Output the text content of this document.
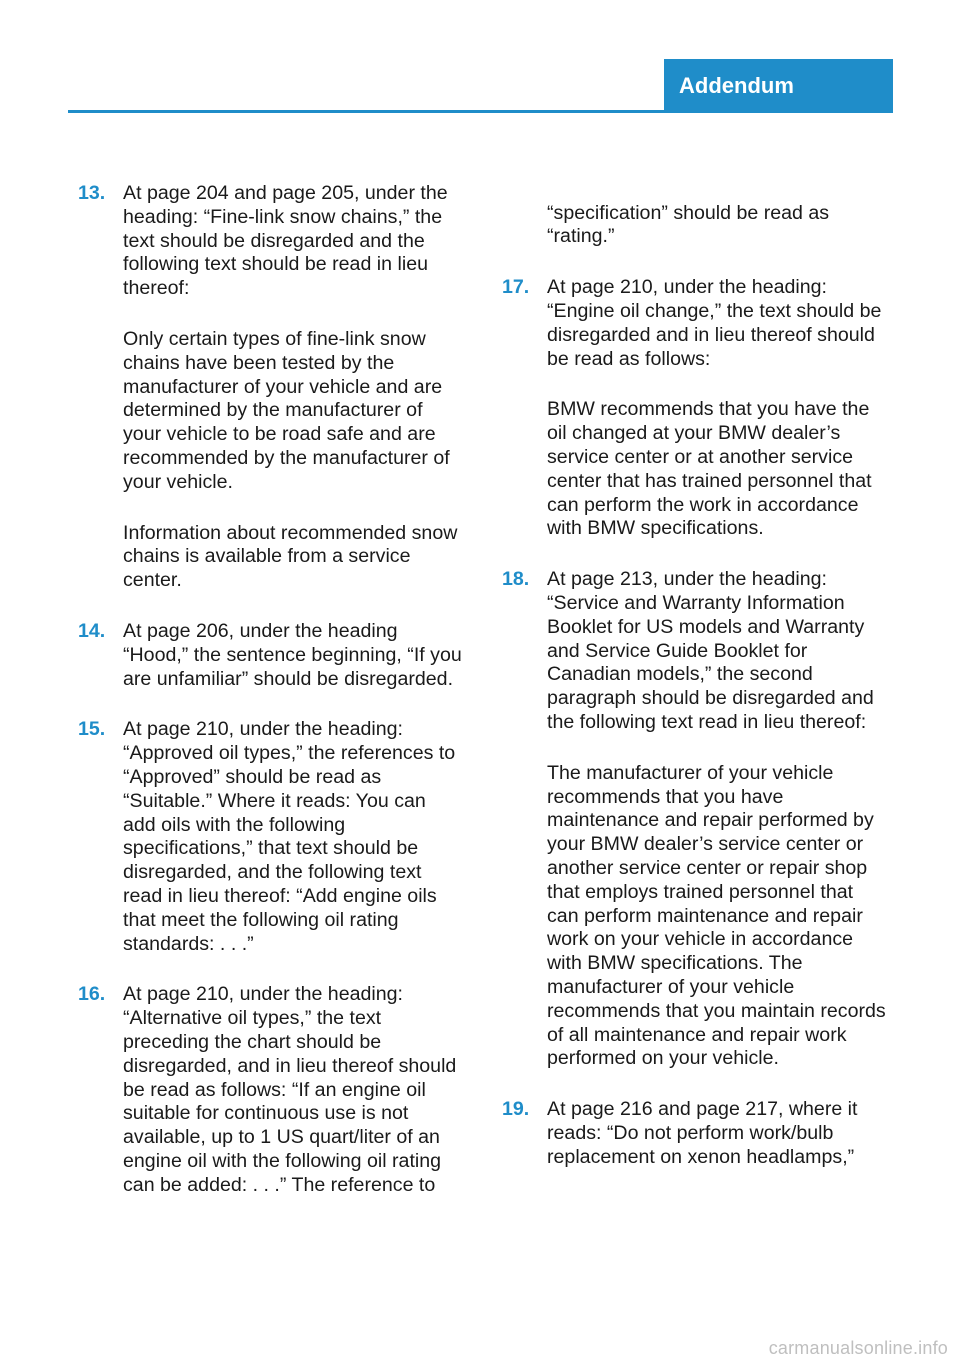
Addendum
13. At page 204 and page 205, under the heading: “Fine-link snow chains,” the text should be disregarded and the following text should be read in lieu thereof:

Only certain types of fine-link snow chains have been tested by the manufacturer of your vehicle and are determined by the manufacturer of your vehicle to be road safe and are recommended by the manufacturer of your vehicle.

Information about recommended snow chains is available from a service center.

14. At page 206, under the heading “Hood,” the sentence beginning, “If you are unfamiliar” should be disregarded.

15. At page 210, under the heading: “Approved oil types,” the references to “Approved” should be read as “Suitable.” Where it reads: You can add oils with the following specifications,” that text should be disregarded, and the following text read in lieu thereof: “Add engine oils that meet the following oil rating standards: . . .”

16. At page 210, under the heading: “Alternative oil types,” the text preceding the chart should be disregarded, and in lieu thereof should be read as follows: “If an engine oil suitable for continuous use is not available, up to 1 US quart/liter of an engine oil with the following oil rating can be added: . . .” The reference to

“specification” should be read as “rating.”

17. At page 210, under the heading: “Engine oil change,” the text should be disregarded and in lieu thereof should be read as follows:

BMW recommends that you have the oil changed at your BMW dealer’s service center or at another service center that has trained personnel that can perform the work in accordance with BMW specifications.

18. At page 213, under the heading: “Service and Warranty Information Booklet for US models and Warranty and Service Guide Booklet for Canadian models,” the second paragraph should be disregarded and the following text read in lieu thereof:

The manufacturer of your vehicle recommends that you have maintenance and repair performed by your BMW dealer’s service center or another service center or repair shop that employs trained personnel that can perform maintenance and repair work on your vehicle in accordance with BMW specifications. The manufacturer of your vehicle recommends that you maintain records of all maintenance and repair work performed on your vehicle.

19. At page 216 and page 217, where it reads: “Do not perform work/bulb replacement on xenon headlamps,”

carmanualsonline.info
